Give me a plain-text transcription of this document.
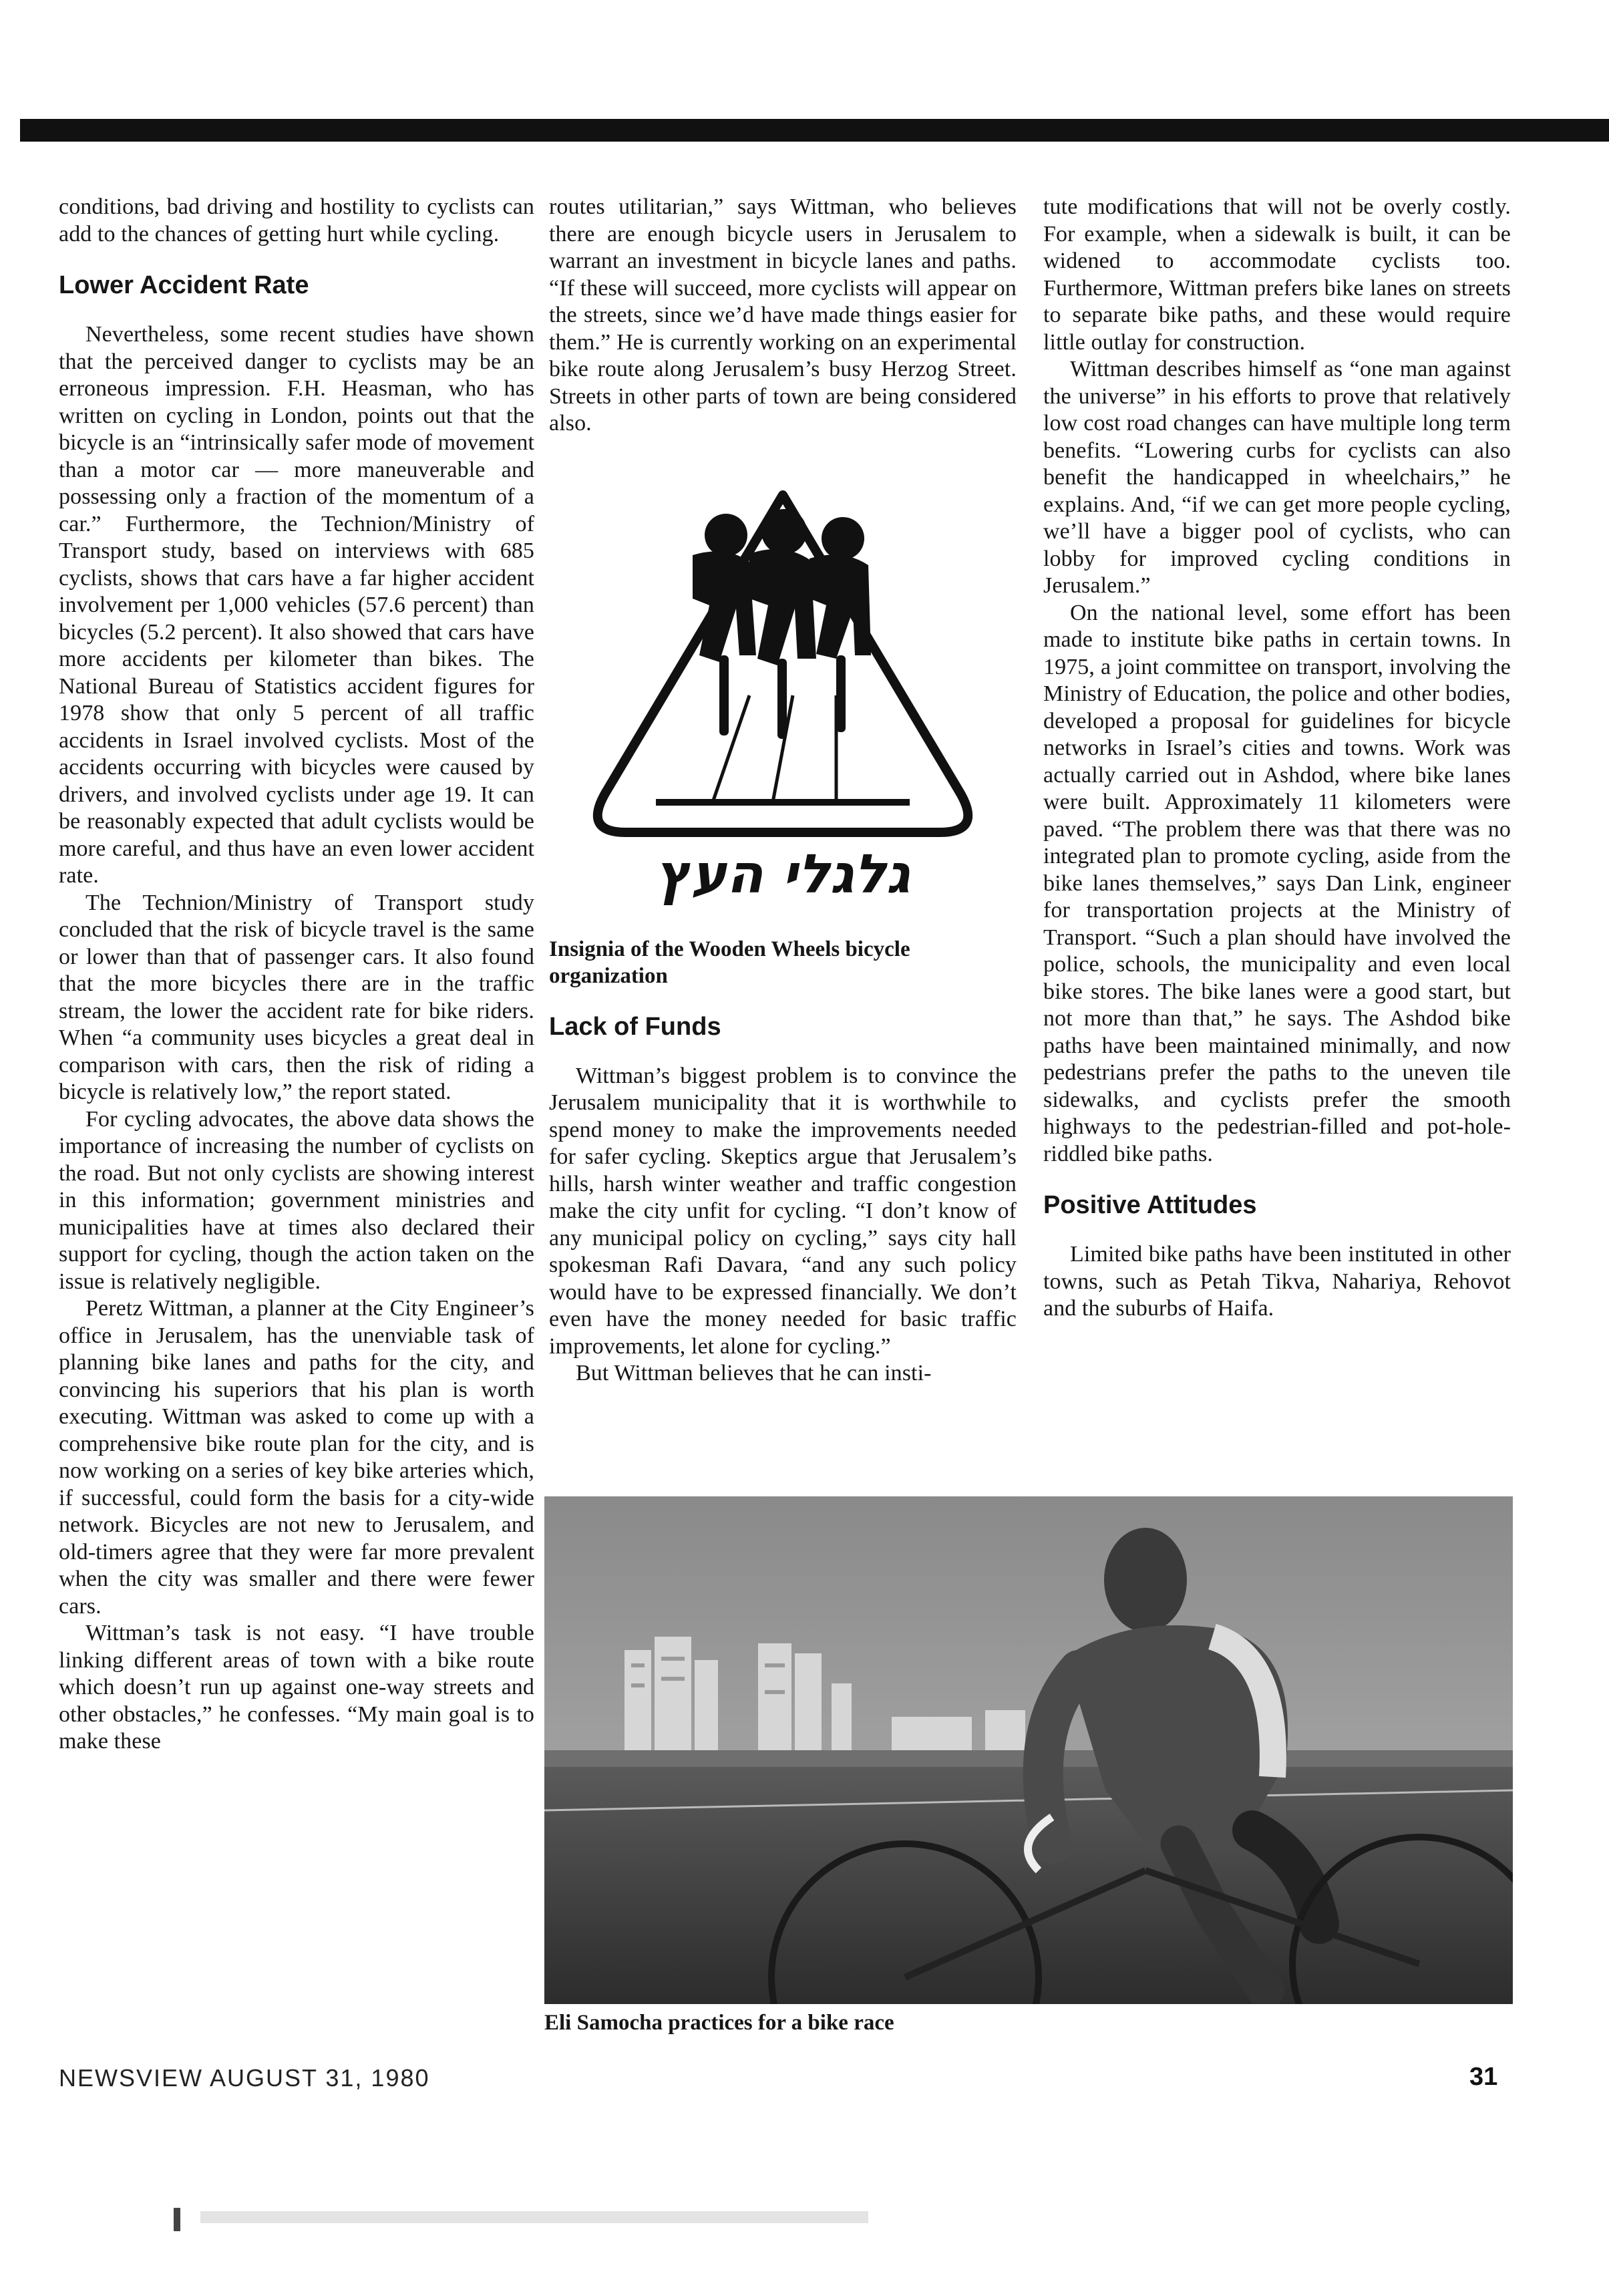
conditions, bad driving and hostility to cyclists can add to the chances of getting hurt while cycling.

Lower Accident Rate

Nevertheless, some recent studies have shown that the perceived danger to cyclists may be an erroneous impression. F.H. Heasman, who has written on cycling in London, points out that the bicycle is an “intrinsically safer mode of movement than a motor car — more maneuverable and possessing only a fraction of the momentum of a car.” Furthermore, the Technion/Ministry of Transport study, based on interviews with 685 cyclists, shows that cars have a far higher accident involvement per 1,000 vehicles (57.6 percent) than bicycles (5.2 percent). It also showed that cars have more accidents per kilometer than bikes. The National Bureau of Statistics accident figures for 1978 show that only 5 percent of all traffic accidents in Israel involved cyclists. Most of the accidents occurring with bicycles were caused by drivers, and involved cyclists under age 19. It can be reasonably expected that adult cyclists would be more careful, and thus have an even lower accident rate.

The Technion/Ministry of Transport study concluded that the risk of bicycle travel is the same or lower than that of passenger cars. It also found that the more bicycles there are in the traffic stream, the lower the accident rate for bike riders. When “a community uses bicycles a great deal in comparison with cars, then the risk of riding a bicycle is relatively low,” the report stated.

For cycling advocates, the above data shows the importance of increasing the number of cyclists on the road. But not only cyclists are showing interest in this information; government ministries and municipalities have at times also declared their support for cycling, though the action taken on the issue is relatively negligible.

Peretz Wittman, a planner at the City Engineer’s office in Jerusalem, has the unenviable task of planning bike lanes and paths for the city, and convincing his superiors that his plan is worth executing. Wittman was asked to come up with a comprehensive bike route plan for the city, and is now working on a series of key bike arteries which, if successful, could form the basis for a city-wide network. Bicycles are not new to Jerusalem, and old-timers agree that they were far more prevalent when the city was smaller and there were fewer cars.

Wittman’s task is not easy. “I have trouble linking different areas of town with a bike route which doesn’t run up against one-way streets and other obstacles,” he confesses. “My main goal is to make these

routes utilitarian,” says Wittman, who believes there are enough bicycle users in Jerusalem to warrant an investment in bicycle lanes and paths. “If these will succeed, more cyclists will appear on the streets, since we’d have made things easier for them.” He is currently working on an experimental bike route along Jerusalem’s busy Herzog Street. Streets in other parts of town are being considered also.

גלגלי העץ

Insignia of the Wooden Wheels bicycle organization

Lack of Funds

Wittman’s biggest problem is to convince the Jerusalem municipality that it is worthwhile to spend money to make the improvements needed for safer cycling. Skeptics argue that Jerusalem’s hills, harsh winter weather and traffic congestion make the city unfit for cycling. “I don’t know of any municipal policy on cycling,” says city hall spokesman Rafi Davara, “and any such policy would have to be expressed financially. We don’t even have the money needed for basic traffic improvements, let alone for cycling.”

But Wittman believes that he can insti-

tute modifications that will not be overly costly. For example, when a sidewalk is built, it can be widened to accommodate cyclists too. Furthermore, Wittman prefers bike lanes on streets to separate bike paths, and these would require little outlay for construction.

Wittman describes himself as “one man against the universe” in his efforts to prove that relatively low cost road changes can have multiple long term benefits. “Lowering curbs for cyclists can also benefit the handicapped in wheelchairs,” he explains. And, “if we can get more people cycling, we’ll have a bigger pool of cyclists, who can lobby for improved cycling conditions in Jerusalem.”

On the national level, some effort has been made to institute bike paths in certain towns. In 1975, a joint committee on transport, involving the Ministry of Education, the police and other bodies, developed a proposal for guidelines for bicycle networks in Israel’s cities and towns. Work was actually carried out in Ashdod, where bike lanes were built. Approximately 11 kilometers were paved. “The problem there was that there was no integrated plan to promote cycling, aside from the bike lanes themselves,” says Dan Link, engineer for transportation projects at the Ministry of Transport. “Such a plan should have involved the police, schools, the municipality and even local bike stores. The bike lanes were a good start, but not more than that,” he says. The Ashdod bike paths have been maintained minimally, and now pedestrians prefer the paths to the uneven tile sidewalks, and cyclists prefer the smooth highways to the pedestrian-filled and pot-hole-riddled bike paths.

Positive Attitudes

Limited bike paths have been instituted in other towns, such as Petah Tikva, Nahariya, Rehovot and the suburbs of Haifa.

Eli Samocha practices for a bike race

NEWSVIEW AUGUST 31, 1980	31
